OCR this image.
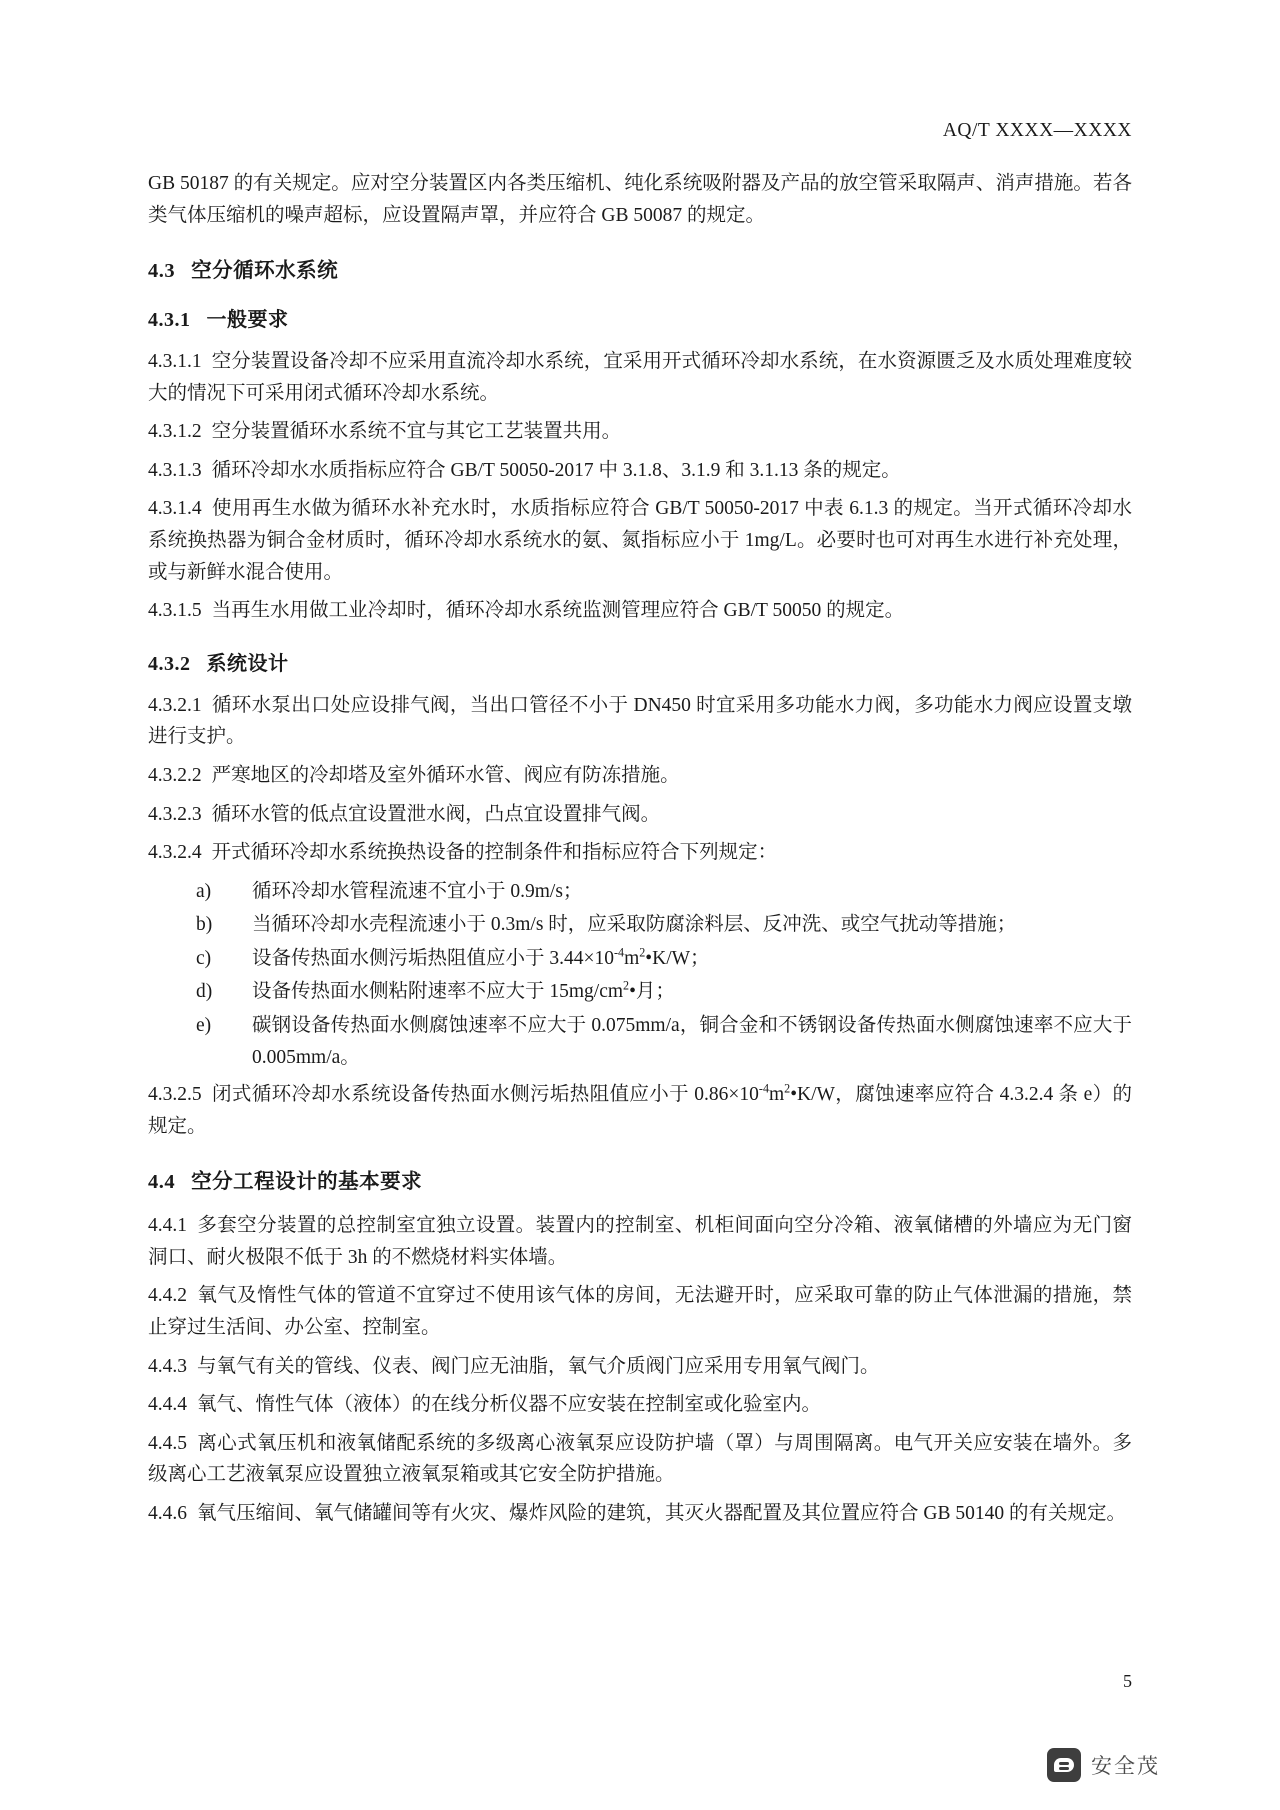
AQ/T XXXX—XXXX

GB 50187 的有关规定。应对空分装置区内各类压缩机、纯化系统吸附器及产品的放空管采取隔声、消声措施。若各类气体压缩机的噪声超标，应设置隔声罩，并应符合 GB 50087 的规定。

4.3 空分循环水系统
4.3.1 一般要求

4.3.1.1 空分装置设备冷却不应采用直流冷却水系统，宜采用开式循环冷却水系统，在水资源匮乏及水质处理难度较大的情况下可采用闭式循环冷却水系统。

4.3.1.2 空分装置循环水系统不宜与其它工艺装置共用。

4.3.1.3 循环冷却水水质指标应符合 GB/T 50050-2017 中 3.1.8、3.1.9 和 3.1.13 条的规定。

4.3.1.4 使用再生水做为循环水补充水时，水质指标应符合 GB/T 50050-2017 中表 6.1.3 的规定。当开式循环冷却水系统换热器为铜合金材质时，循环冷却水系统水的氨、氮指标应小于 1mg/L。必要时也可对再生水进行补充处理，或与新鲜水混合使用。

4.3.1.5 当再生水用做工业冷却时，循环冷却水系统监测管理应符合 GB/T 50050 的规定。

4.3.2 系统设计

4.3.2.1 循环水泵出口处应设排气阀，当出口管径不小于 DN450 时宜采用多功能水力阀，多功能水力阀应设置支墩进行支护。

4.3.2.2 严寒地区的冷却塔及室外循环水管、阀应有防冻措施。

4.3.2.3 循环水管的低点宜设置泄水阀，凸点宜设置排气阀。

4.3.2.4 开式循环冷却水系统换热设备的控制条件和指标应符合下列规定：

a)	循环冷却水管程流速不宜小于 0.9m/s；
b)	当循环冷却水壳程流速小于 0.3m/s 时，应采取防腐涂料层、反冲洗、或空气扰动等措施；
c)	设备传热面水侧污垢热阻值应小于 $3.44\times 10^{-4}m^2•K/W$；
d)	设备传热面水侧粘附速率不应大于 $15mg/cm^2•$月；
e)	碳钢设备传热面水侧腐蚀速率不应大于 0.075mm/a，铜合金和不锈钢设备传热面水侧腐蚀速率不应大于 0.005mm/a。

4.3.2.5 闭式循环冷却水系统设备传热面水侧污垢热阻值应小于 $0.86\times 10^{-4}m^2•K/W$，腐蚀速率应符合 4.3.2.4 条 e）的规定。

4.4 空分工程设计的基本要求

4.4.1 多套空分装置的总控制室宜独立设置。装置内的控制室、机柜间面向空分冷箱、液氧储槽的外墙应为无门窗洞口、耐火极限不低于 3h 的不燃烧材料实体墙。

4.4.2 氧气及惰性气体的管道不宜穿过不使用该气体的房间，无法避开时，应采取可靠的防止气体泄漏的措施，禁止穿过生活间、办公室、控制室。

4.4.3 与氧气有关的管线、仪表、阀门应无油脂，氧气介质阀门应采用专用氧气阀门。

4.4.4 氧气、惰性气体（液体）的在线分析仪器不应安装在控制室或化验室内。

4.4.5 离心式氧压机和液氧储配系统的多级离心液氧泵应设防护墙（罩）与周围隔离。电气开关应安装在墙外。多级离心工艺液氧泵应设置独立液氧泵箱或其它安全防护措施。

4.4.6 氧气压缩间、氧气储罐间等有火灾、爆炸风险的建筑，其灭火器配置及其位置应符合 GB 50140 的有关规定。

5
安全茂
